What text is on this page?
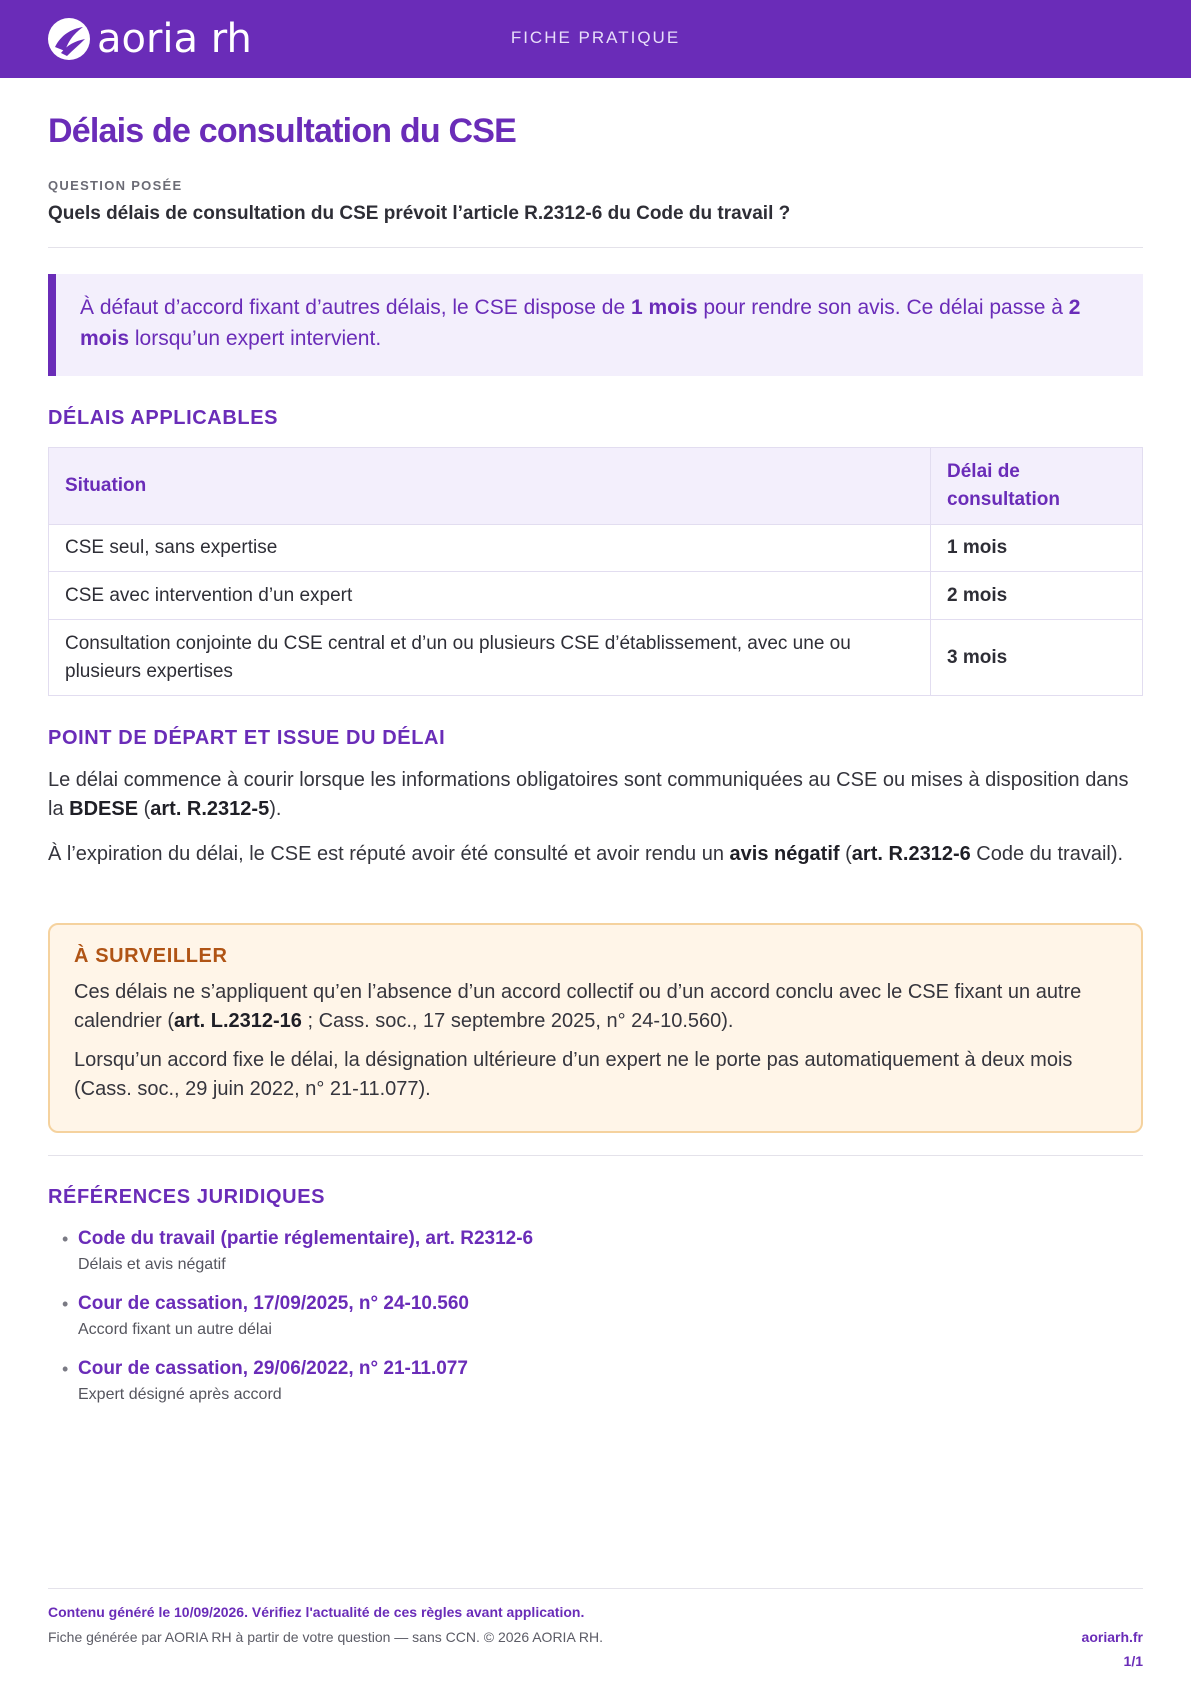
aoria rh	FICHE PRATIQUE
Délais de consultation du CSE
QUESTION POSÉE
Quels délais de consultation du CSE prévoit l’article R.2312-6 du Code du travail ?
À défaut d’accord fixant d’autres délais, le CSE dispose de 1 mois pour rendre son avis. Ce délai passe à 2 mois lorsqu’un expert intervient.
DÉLAIS APPLICABLES
Situation	Délai de consultation
CSE seul, sans expertise	1 mois
CSE avec intervention d’un expert	2 mois
Consultation conjointe du CSE central et d’un ou plusieurs CSE d’établissement, avec une ou plusieurs expertises	3 mois
POINT DE DÉPART ET ISSUE DU DÉLAI

Le délai commence à courir lorsque les informations obligatoires sont communiquées au CSE ou mises à disposition dans la BDESE (art. R.2312-5).

À l’expiration du délai, le CSE est réputé avoir été consulté et avoir rendu un avis négatif (art. R.2312-6 Code du travail).

À SURVEILLER

Ces délais ne s’appliquent qu’en l’absence d’un accord collectif ou d’un accord conclu avec le CSE fixant un autre calendrier (art. L.2312-16 ; Cass. soc., 17 septembre 2025, n° 24-10.560).

Lorsqu’un accord fixe le délai, la désignation ultérieure d’un expert ne le porte pas automatiquement à deux mois (Cass. soc., 29 juin 2022, n° 21-11.077).

RÉFÉRENCES JURIDIQUES
• Code du travail (partie réglementaire), art. R2312-6
Délais et avis négatif
• Cour de cassation, 17/09/2025, n° 24-10.560
Accord fixant un autre délai
• Cour de cassation, 29/06/2022, n° 21-11.077
Expert désigné après accord
Contenu généré le 10/09/2026. Vérifiez l'actualité de ces règles avant application.
Fiche générée par AORIA RH à partir de votre question — sans CCN. © 2026 AORIA RH.	aoriarh.fr
1/1
